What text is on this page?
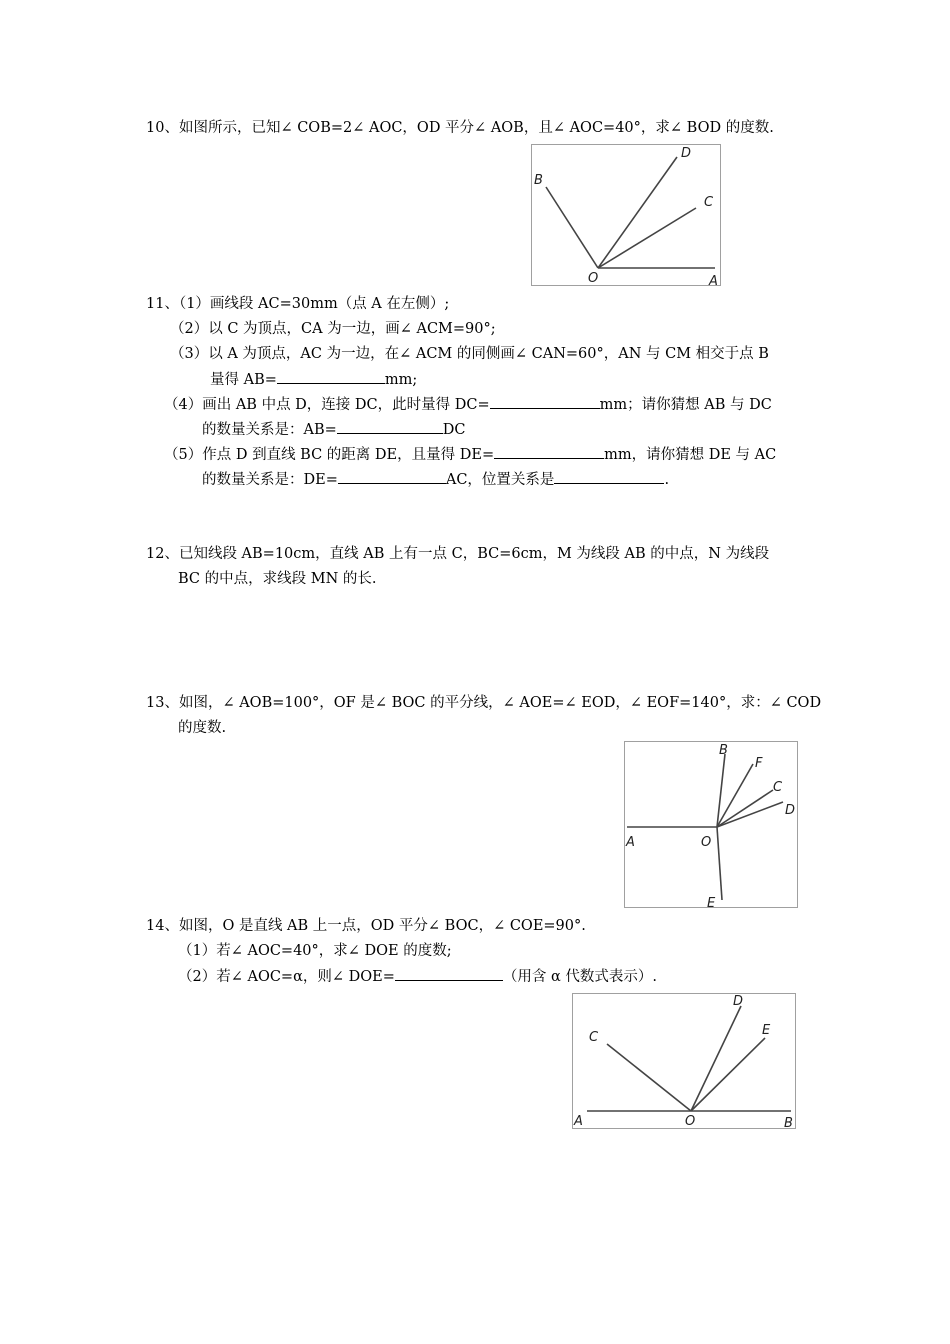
10、如图所示，已知∠ COB=2∠ AOC，OD 平分∠ AOB，且∠ AOC=40°，求∠ BOD 的度数.
B
D
C
O	A
11、（1）画线段 AC=30mm（点 A 在左侧）;
（2）以 C 为顶点，CA 为一边，画∠ ACM=90°;
（3）以 A 为顶点，AC 为一边，在∠ ACM 的同侧画∠ CAN=60°，AN 与 CM 相交于点 B
量得 AB=	mm;
（4）画出 AB 中点 D，连接 DC，此时量得 DC=	mm；请你猜想 AB 与 DC
的数量关系是：AB=	DC
（5）作点 D 到直线 BC 的距离 DE，且量得 DE=	mm，请你猜想 DE 与 AC
的数量关系是：DE=	AC，位置关系是	.
12、已知线段 AB=10cm，直线 AB 上有一点 C，BC=6cm，M 为线段 AB 的中点，N 为线段
BC 的中点，求线段 MN 的长.
13、如图，∠ AOB=100°，OF 是∠ BOC 的平分线，∠ AOE=∠ EOD，∠ EOF=140°，求：∠ COD
的度数.
B
F
C
D
A	O
E
14、如图，O 是直线 AB 上一点，OD 平分∠ BOC，∠ COE=90°.
（1）若∠ AOC=40°，求∠ DOE 的度数;
（2）若∠ AOC=α，则∠ DOE=	（用含 α 代数式表示）.
C
D
E
A	O	B
